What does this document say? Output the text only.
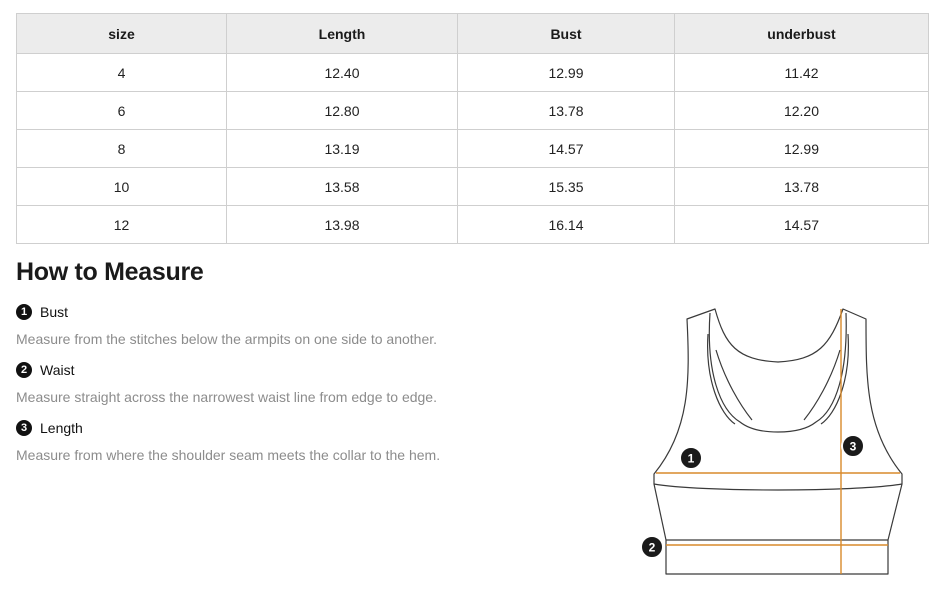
size	Length	Bust	underbust
4	12.40	12.99	11.42
6	12.80	13.78	12.20
8	13.19	14.57	12.99
10	13.58	15.35	13.78
12	13.98	16.14	14.57
How to Measure
1 Bust
Measure from the stitches below the armpits on one side to another.
2 Waist
Measure straight across the narrowest waist line from edge to edge.
3 Length
Measure from where the shoulder seam meets the collar to the hem.	1
2
3
